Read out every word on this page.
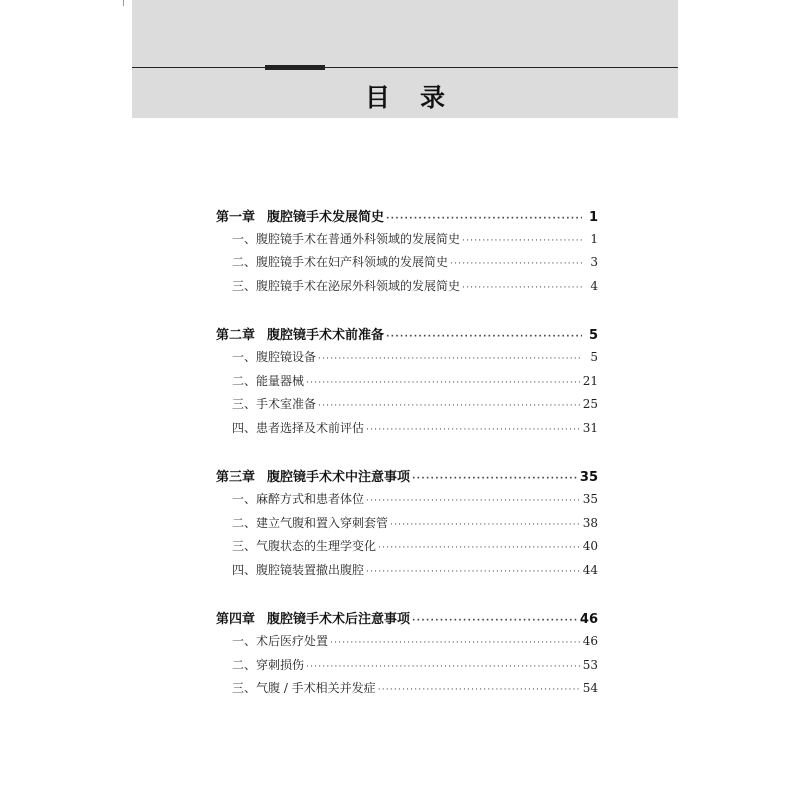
目录
第一章 腹腔镜手术发展简史 ·····	1
一、腹腔镜手术在普通外科领域的发展简史 ·····	1
二、腹腔镜手术在妇产科领域的发展简史 ·····	3
三、腹腔镜手术在泌尿外科领域的发展简史 ·····	4
第二章 腹腔镜手术术前准备 ·····	5
一、腹腔镜设备 ·····	5
二、能量器械 ·····	21
三、手术室准备 ·····	25
四、患者选择及术前评估 ·····	31
第三章 腹腔镜手术术中注意事项 ·····	35
一、麻醉方式和患者体位 ·····	35
二、建立气腹和置入穿刺套管 ·····	38
三、气腹状态的生理学变化 ·····	40
四、腹腔镜装置撤出腹腔 ·····	44
第四章 腹腔镜手术术后注意事项 ·····	46
一、术后医疗处置 ·····	46
二、穿刺损伤 ·····	53
三、气腹 / 手术相关并发症 ·····	54
